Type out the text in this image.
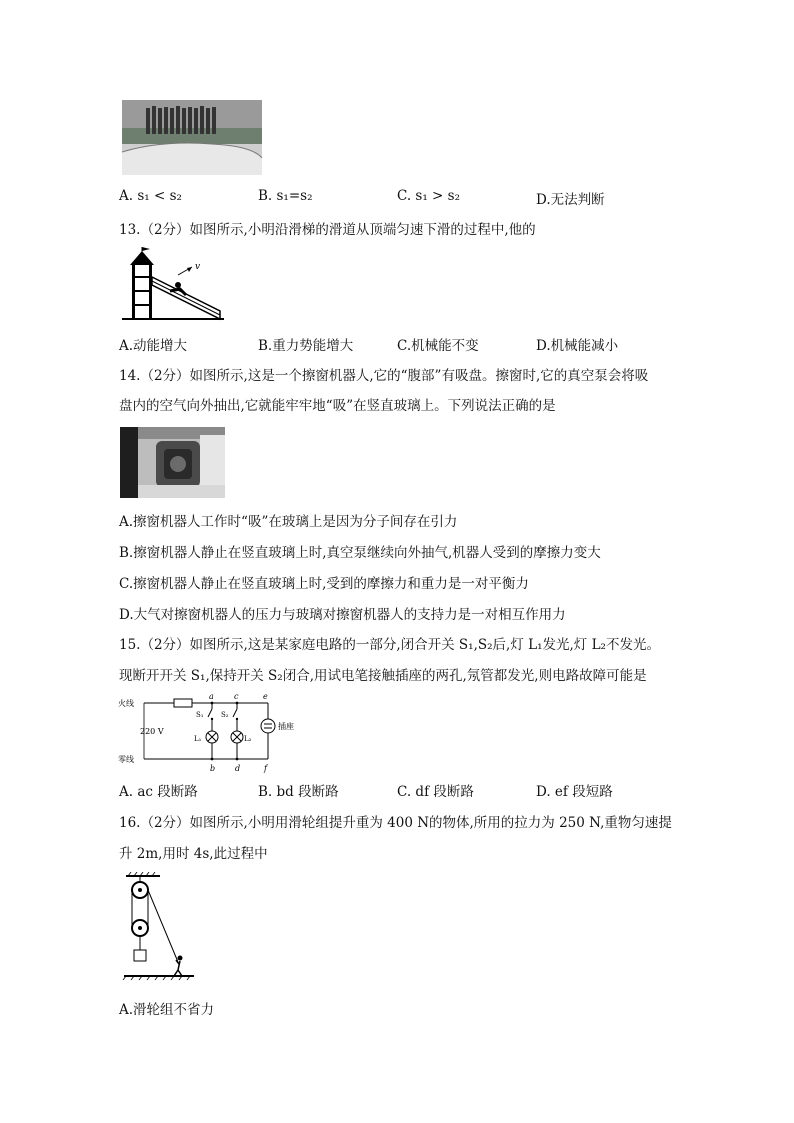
A. s₁ < s₂	B. s₁=s₂	C. s₁ > s₂	D.无法判断
13.（2分）如图所示,小明沿滑梯的滑道从顶端匀速下滑的过程中,他的
v
A.动能增大	B.重力势能增大	C.机械能不变	D.机械能减小
14.（2分）如图所示,这是一个擦窗机器人,它的“腹部”有吸盘。擦窗时,它的真空泵会将吸
盘内的空气向外抽出,它就能牢牢地“吸”在竖直玻璃上。下列说法正确的是
A.擦窗机器人工作时“吸”在玻璃上是因为分子间存在引力
B.擦窗机器人静止在竖直玻璃上时,真空泵继续向外抽气,机器人受到的摩擦力变大
C.擦窗机器人静止在竖直玻璃上时,受到的摩擦力和重力是一对平衡力
D.大气对擦窗机器人的压力与玻璃对擦窗机器人的支持力是一对相互作用力
15.（2分）如图所示,这是某家庭电路的一部分,闭合开关 S₁,S₂后,灯 L₁发光,灯 L₂不发光。
现断开开关 S₁,保持开关 S₂闭合,用试电笔接触插座的两孔,氖管都发光,则电路故障可能是
火线
零线
220 V
a	c	e
b d	f
S₁
L₁
S₂
L₂
插座
A. ac 段断路	B. bd 段断路	C. df 段断路	D. ef 段短路
16.（2分）如图所示,小明用滑轮组提升重为 400 N的物体,所用的拉力为 250 N,重物匀速提
升 2m,用时 4s,此过程中
A.滑轮组不省力
